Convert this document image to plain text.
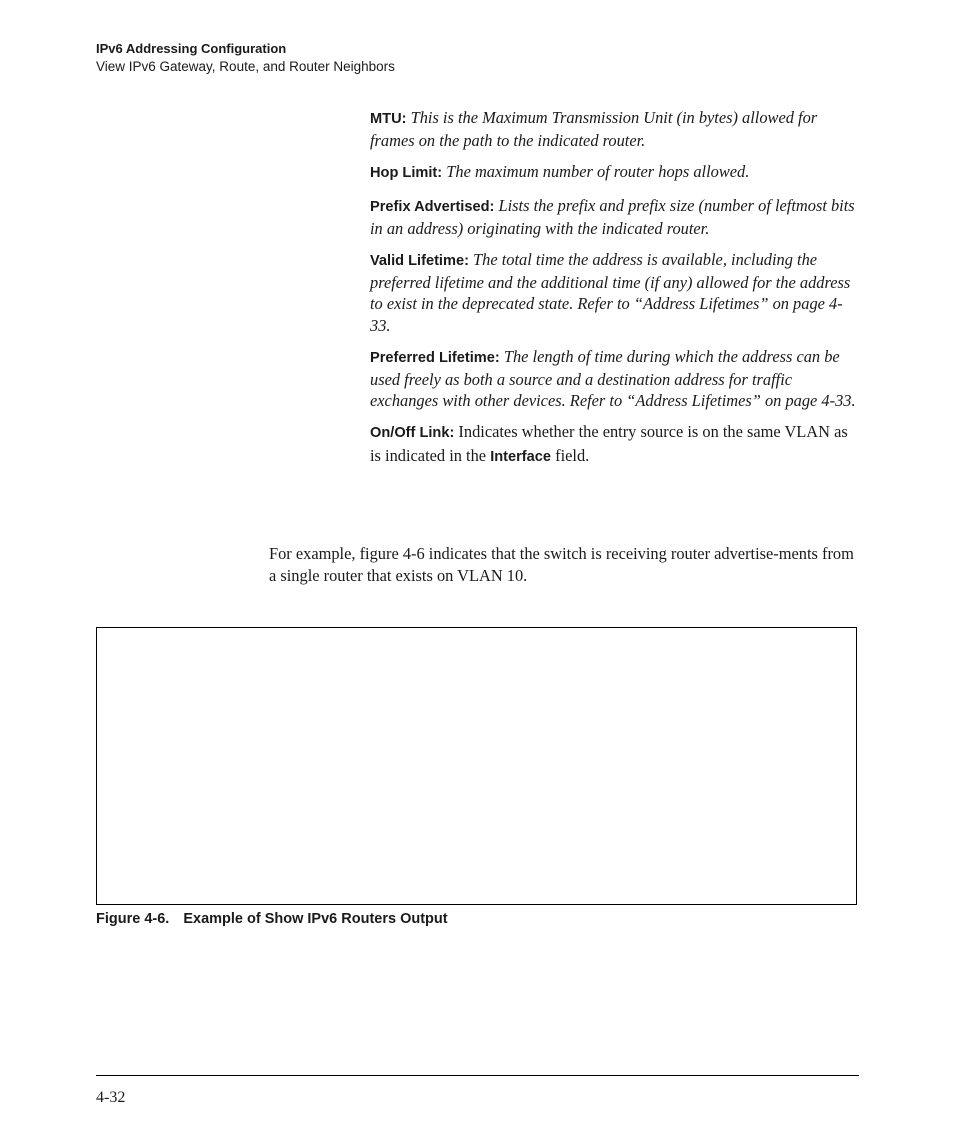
IPv6 Addressing Configuration
View IPv6 Gateway, Route, and Router Neighbors

MTU: This is the Maximum Transmission Unit (in bytes) allowed for frames on the path to the indicated router.

Hop Limit: The maximum number of router hops allowed.

Prefix Advertised: Lists the prefix and prefix size (number of leftmost bits in an address) originating with the indicated router.

Valid Lifetime: The total time the address is available, including the preferred lifetime and the additional time (if any) allowed for the address to exist in the deprecated state. Refer to “Address Lifetimes” on page 4-33.

Preferred Lifetime: The length of time during which the address can be used freely as both a source and a destination address for traffic exchanges with other devices. Refer to “Address Lifetimes” on page 4-33.

On/Off Link: Indicates whether the entry source is on the same VLAN as is indicated in the Interface field.

For example, figure 4-6 indicates that the switch is receiving router advertise-ments from a single router that exists on VLAN 10.

Figure 4-6. Example of Show IPv6 Routers Output
4-32
